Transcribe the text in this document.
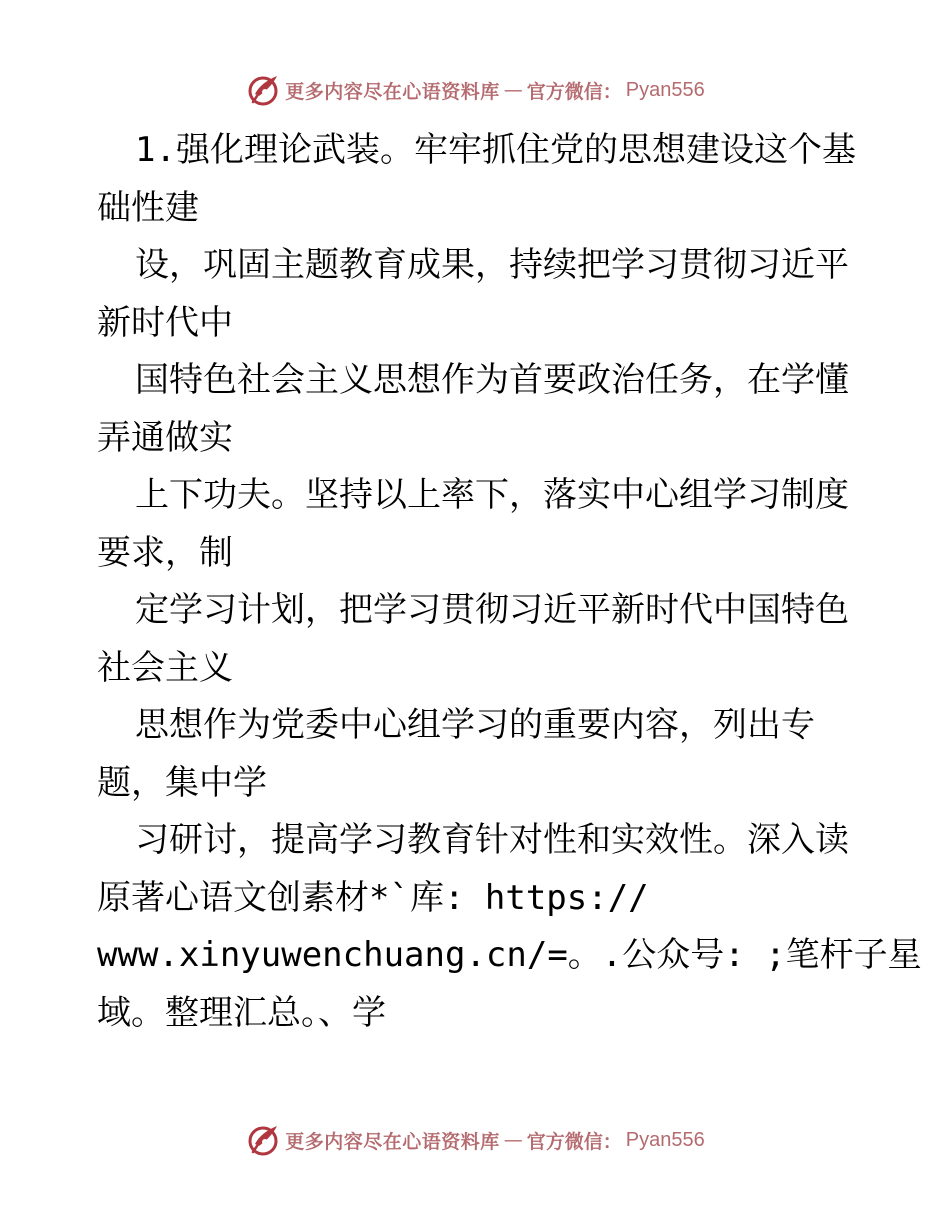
更多内容尽在心语资料库 — 官方微信： Pyan556
1.强化理论武装。牢牢抓住党的思想建设这个基
础性建
设，巩固主题教育成果，持续把学习贯彻习近平
新时代中
国特色社会主义思想作为首要政治任务，在学懂
弄通做实
上下功夫。坚持以上率下，落实中心组学习制度
要求，制
定学习计划，把学习贯彻习近平新时代中国特色
社会主义
思想作为党委中心组学习的重要内容，列出专
题，集中学
习研讨，提高学习教育针对性和实效性。深入读
原著心语文创素材*`库: https://
www.xinyuwenchuang.cn/=。.公众号: ;笔杆子星
域。整理汇总。、学
更多内容尽在心语资料库 — 官方微信： Pyan556
